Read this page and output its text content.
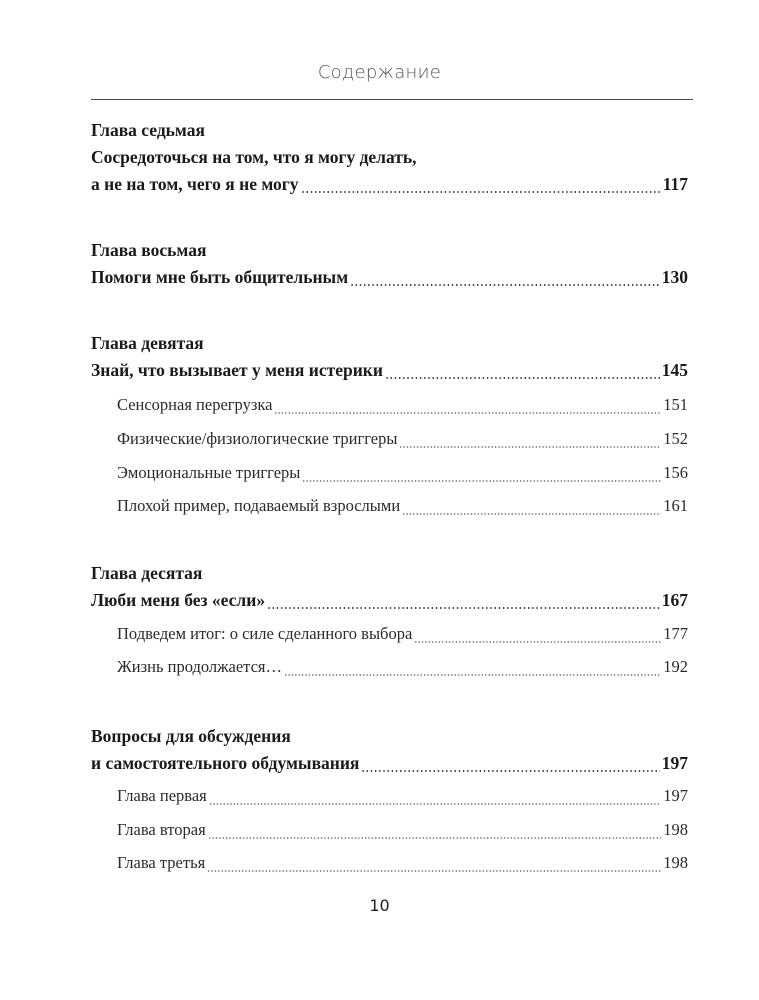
Содержание
Глава седьмая
Сосредоточься на том, что я могу делать,
а не на том, чего я не могу	117
Глава восьмая
Помоги мне быть общительным	130
Глава девятая
Знай, что вызывает у меня истерики	145
Сенсорная перегрузка	151
Физические/физиологические триггеры	152
Эмоциональные триггеры	156
Плохой пример, подаваемый взрослыми	161
Глава десятая
Люби меня без «если»	167
Подведем итог: о силе сделанного выбора	177
Жизнь продолжается…	192
Вопросы для обсуждения
и самостоятельного обдумывания	197
Глава первая	197
Глава вторая	198
Глава третья	198
10
